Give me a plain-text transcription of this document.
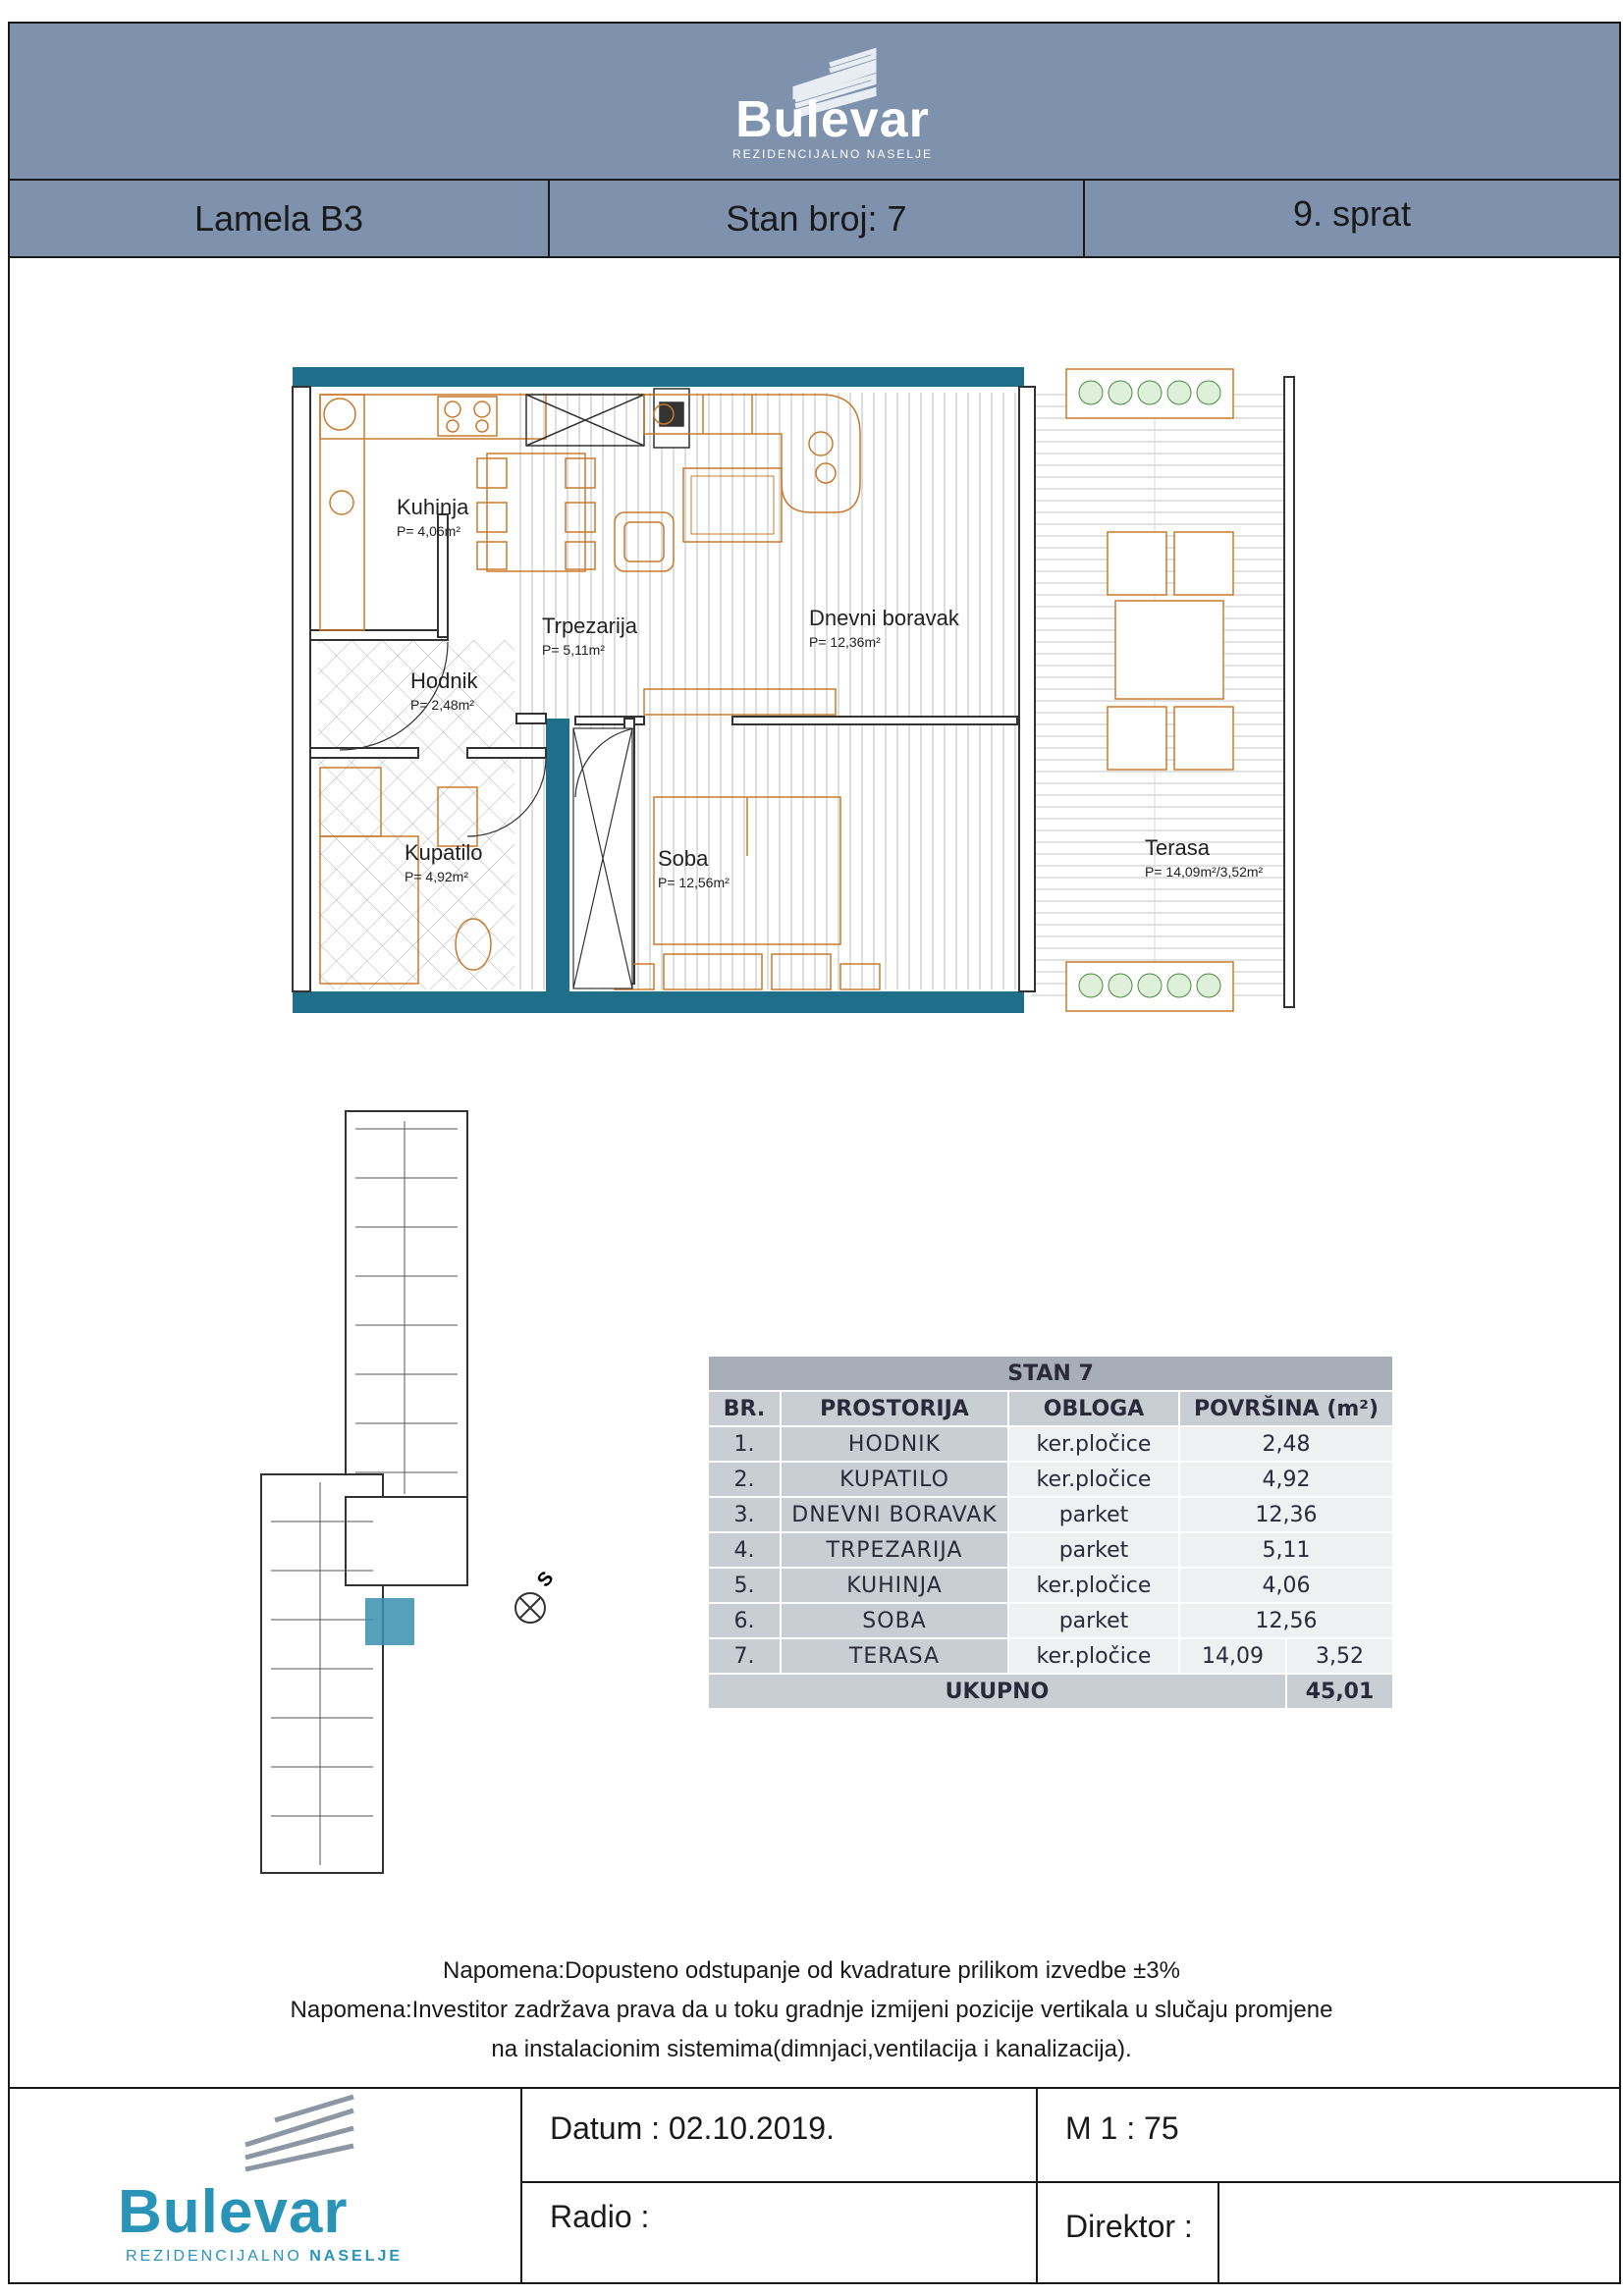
Bulevar
REZIDENCIJALNO NASELJE
Lamela B3	Stan broj: 7	9. sprat
Kuhinja
P= 4,06m²
Trpezarija
P= 5,11m²
Dnevni boravak
P= 12,36m²
Hodnik
P= 2,48m²
Kupatilo
P= 4,92m²
Soba
P= 12,56m²
Terasa
P= 14,09m²/3,52m²
S
STAN 7				
BR.	PROSTORIJA	OBLOGA	POVRŠINA (m²)	
1.	HODNIK	ker.pločice	2,48	
2.	KUPATILO	ker.pločice	4,92	
3.	DNEVNI BORAVAK	parket	12,36	
4.	TRPEZARIJA	parket	5,11	
5.	KUHINJA	ker.pločice	4,06	
6.	SOBA	parket	12,56	
7.	TERASA	ker.pločice	14,09	3,52
UKUPNO				45,01
Napomena:Dopusteno odstupanje od kvadrature prilikom izvedbe ±3%
Napomena:Investitor zadržava prava da u toku gradnje izmijeni pozicije vertikala u slučaju promjene
na instalacionim sistemima(dimnjaci,ventilacija i kanalizacija).
Bulevar
REZIDENCIJALNO NASELJE
Datum : 02.10.2019.	M 1 : 75
Radio :	Direktor :
